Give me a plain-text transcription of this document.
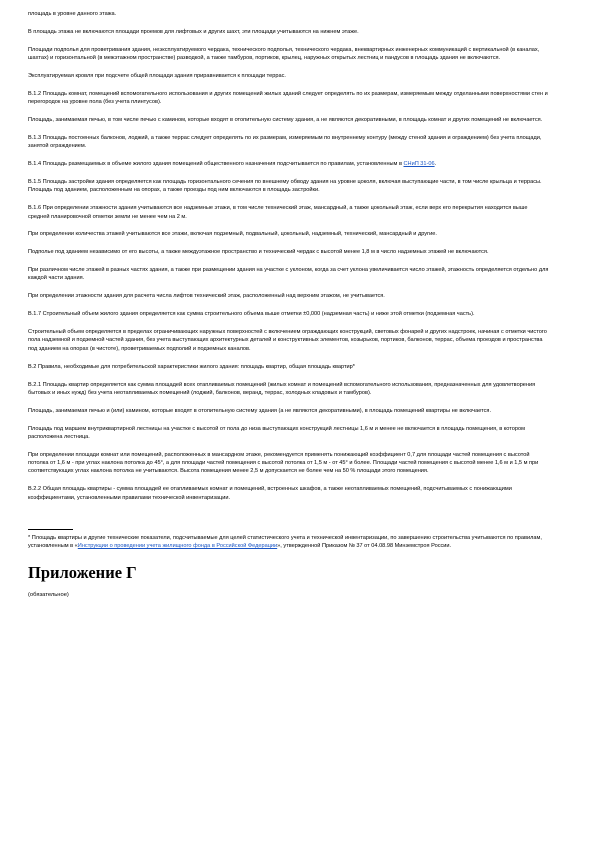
площадь в уровне данного этажа.

В площадь этажа не включаются площади проемов для лифтовых и других шахт, эти площади учитываются на нижнем этаже.

Площади подполья для проветривания здания, неэксплуатируемого чердака, технического подполья, технического чердака, внеквартирных инженерных коммуникаций с вертикальной (в каналах, шахтах) и горизонтальной (в межэтажном пространстве) разводкой, а также тамбуров, портиков, крылец, наружных открытых лестниц и пандусов в площадь здания не включаются.

Эксплуатируемая кровля при подсчете общей площади здания приравнивается к площади террас.

В.1.2 Площадь комнат, помещений вспомогательного использования и других помещений жилых зданий следует определять по их размерам, измеряемым между отделанными поверхностями стен и перегородок на уровне пола (без учета плинтусов).

Площадь, занимаемая печью, в том числе печью с камином, которые входят в отопительную систему здания, а не являются декоративными, в площадь комнат и других помещений не включается.

В.1.3 Площадь постоенных балконов, лоджий, а также террас следует определять по их размерам, измеряемым по внутреннему контуру (между стеной здания и ограждением) без учета площади, занятой ограждением.

В.1.4 Площадь размещаемых в объеме жилого здания помещений общественного назначения подсчитывается по правилам, установленным в СНиП 31-06.

В.1.5 Площадь застройки здания определяется как площадь горизонтального сечения по внешнему обводу здания на уровне цоколя, включая выступающие части, в том числе крыльца и террасы. Площадь под зданием, расположенным на опорах, а также проезды под ним включаются в площадь застройки.

В.1.6 При определении этажности здания учитываются все надземные этажи, в том числе технический этаж, мансардный, а также цокольный этаж, если верх его перекрытия находится выше средней планировочной отметки земли не менее чем на 2 м.

При определении количества этажей учитываются все этажи, включая подземный, подвальный, цокольный, надземный, технический, мансардный и другие.

Подполье под зданием независимо от его высоты, а также междуэтажное пространство и технический чердак с высотой менее 1,8 м в число надземных этажей не включаются.

При различном числе этажей в разных частях здания, а также при размещении здания на участке с уклоном, когда за счет уклона увеличивается число этажей, этажность определяется отдельно для каждой части здания.

При определении этажности здания для расчета числа лифтов технический этаж, расположенный над верхним этажом, не учитывается.

В.1.7 Строительный объем жилого здания определяется как сумма строительного объема выше отметки ±0,000 (надземная часть) и ниже этой отметки (подземная часть).

Строительный объем определяется в пределах ограничивающих наружных поверхностей с включением ограждающих конструкций, световых фонарей и других надстроек, начиная с отметки чистого пола надземной и подземной частей здания, без учета выступающих архитектурных деталей и конструктивных элементов, козырьков, портиков, балконов, террас, объема проездов и пространства под зданием на опорах (в чистоте), проветриваемых подполий и подземных каналов.

В.2 Правила, необходимые для потребительской характеристики жилого здания: площадь квартир, общая площадь квартир*

В.2.1 Площадь квартир определяется как сумма площадей всех отапливаемых помещений (жилых комнат и помещений вспомогательного использования, предназначенных для удовлетворения бытовых и иных нужд) без учета неотапливаемых помещений (лоджий, балконов, веранд, террас, холодных кладовых и тамбуров).

Площадь, занимаемая печью и (или) камином, которые входят в отопительную систему здания (а не являются декоративными), в площадь помещений квартиры не включается.

Площадь под маршем внутриквартирной лестницы на участке с высотой от пола до низа выступающих конструкций лестницы 1,6 м и менее не включается в площадь помещения, в котором расположена лестница.

При определении площади комнат или помещений, расположенных в мансардном этаже, рекомендуется применять понижающий коэффициент 0,7 для площади частей помещения с высотой потолка от 1,6 м - при углах наклона потолка до 45°, а для площади частей помещения с высотой потолка от 1,5 м - от 45° и более. Площади частей помещения с высотой менее 1,6 м и 1,5 м при соответствующих углах наклона потолка не учитываются. Высота помещения менее 2,5 м допускается не более чем на 50 % площади этого помещения.

В.2.2 Общая площадь квартиры - сумма площадей ее отапливаемых комнат и помещений, встроенных шкафов, а также неотапливаемых помещений, подсчитываемых с понижающими коэффициентами, установленными правилами технической инвентаризации.

* Площадь квартиры и другие технические показатели, подсчитываемые для целей статистического учета и технической инвентаризации, по завершению строительства учитываются по правилам, установленным в «Инструкции о проведении учета жилищного фонда в Российской Федерации», утвержденной Приказом № 37 от 04.08.98 Минземстроя России.

Приложение Г

(обязательное)
